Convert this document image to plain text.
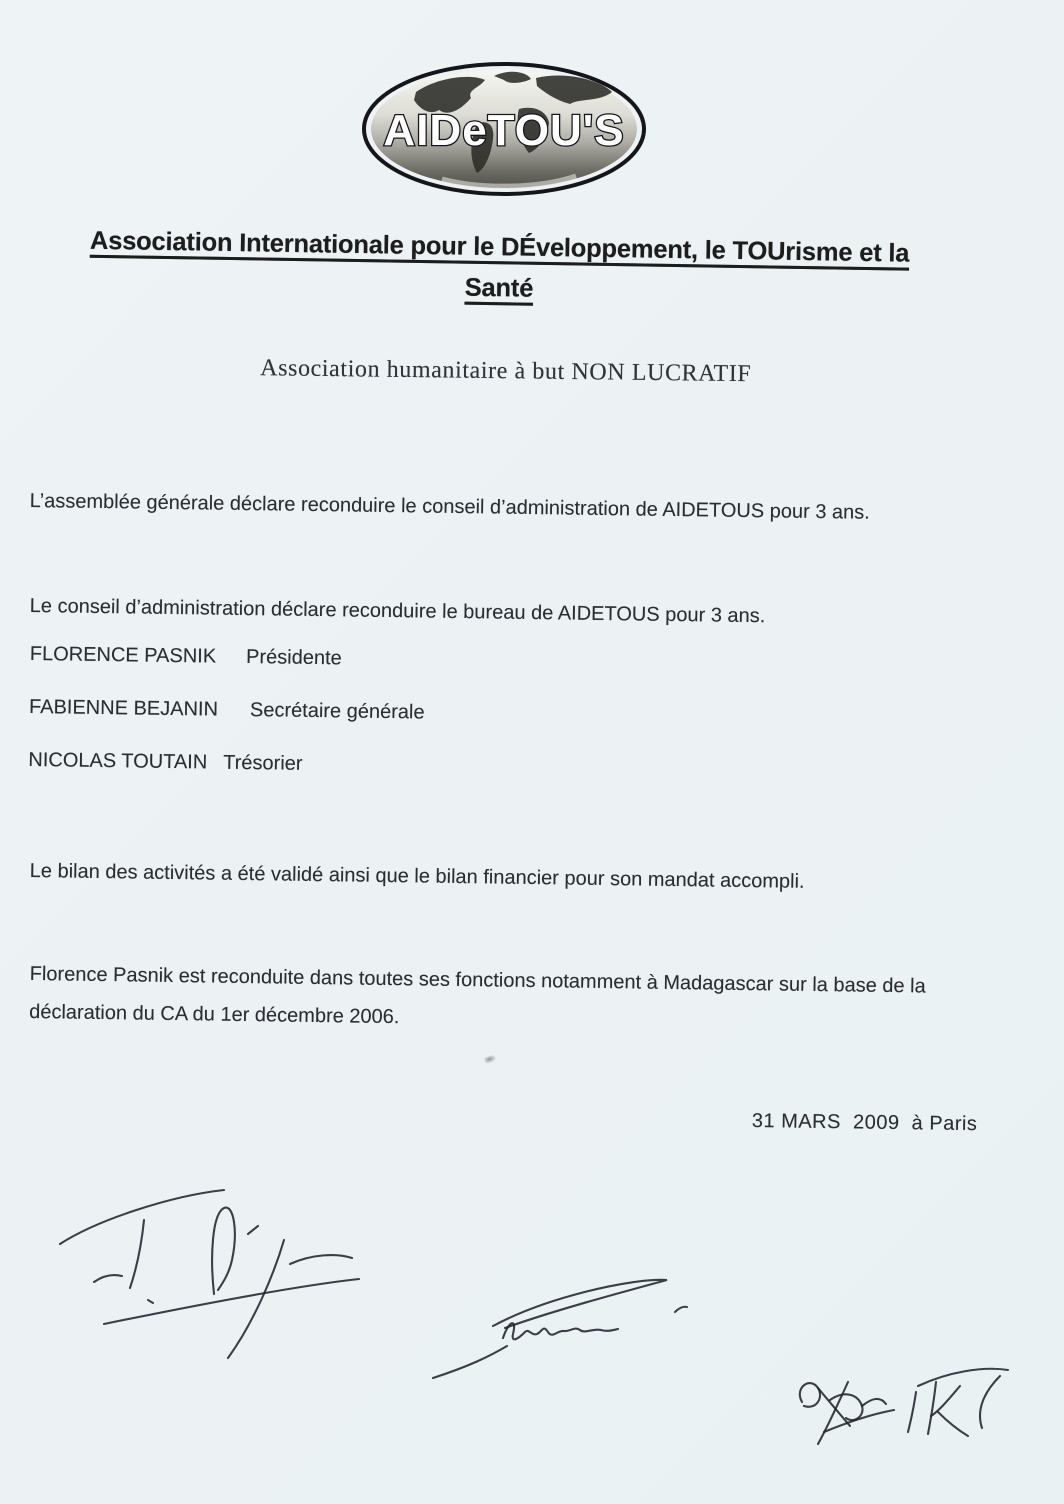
AIDeTOU'S
Association Internationale pour le DÉveloppement, le TOUrisme et la
Santé
Association humanitaire à but NON LUCRATIF
L’assemblée générale déclare reconduire le conseil d’administration de AIDETOUS pour 3 ans.
Le conseil d’administration déclare reconduire le bureau de AIDETOUS pour 3 ans.
FLORENCE PASNIK Présidente
FABIENNE BEJANIN Secrétaire générale
NICOLAS TOUTAIN Trésorier
Le bilan des activités a été validé ainsi que le bilan financier pour son mandat accompli.
Florence Pasnik est reconduite dans toutes ses fonctions notamment à Madagascar sur la base de la déclaration du CA du 1er décembre 2006.
31 MARS  2009  à Paris
